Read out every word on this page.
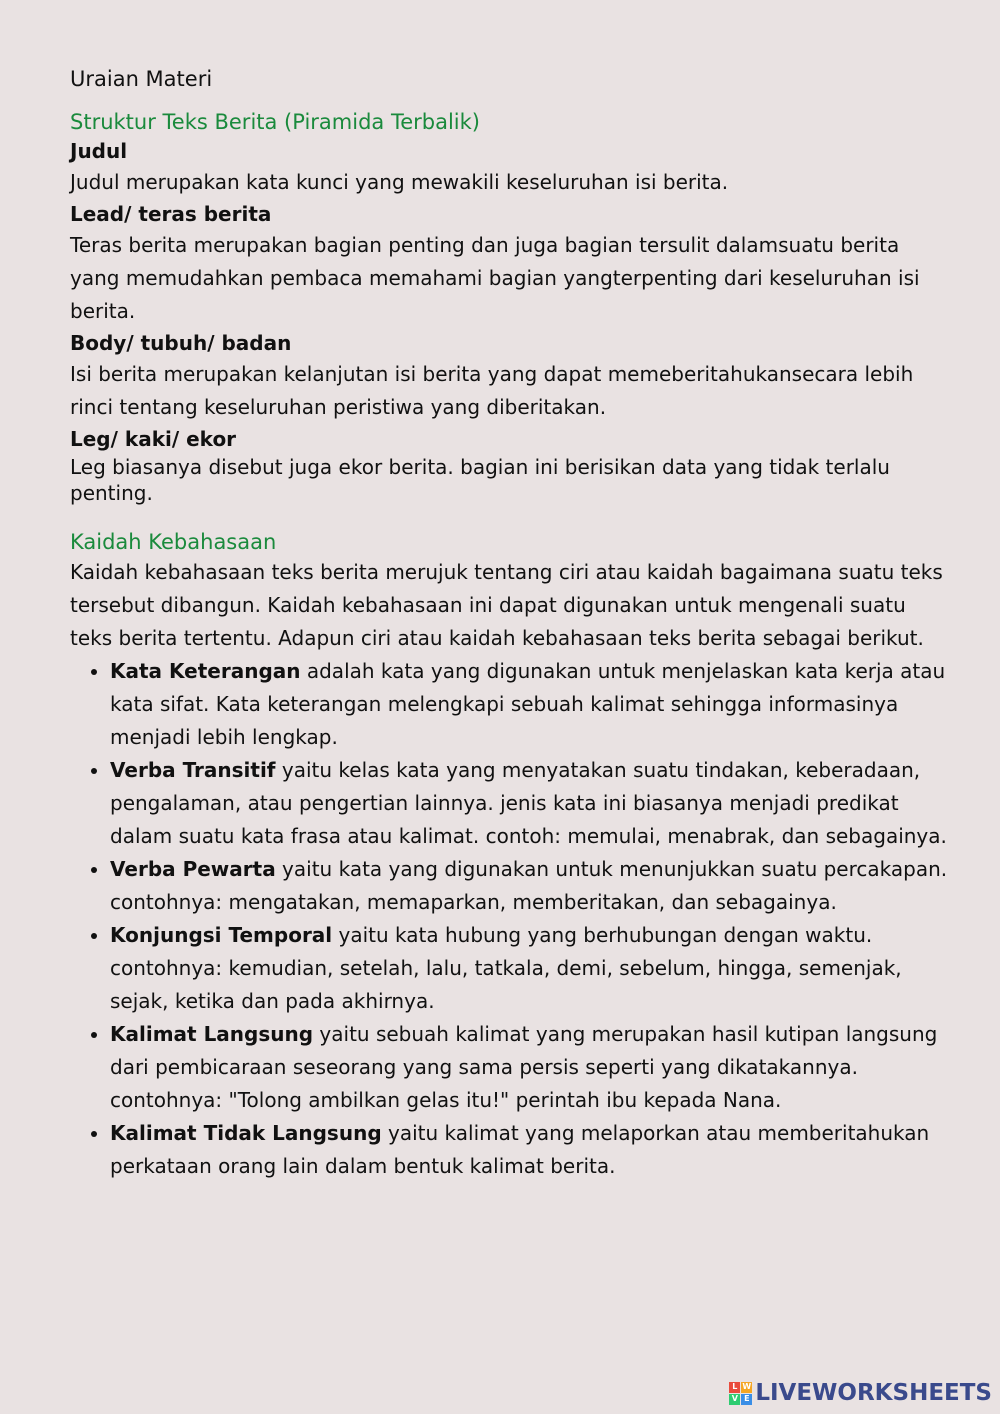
Uraian Materi
Struktur Teks Berita (Piramida Terbalik)
Judul
Judul merupakan kata kunci yang mewakili keseluruhan isi berita.
Lead/ teras berita
Teras berita merupakan bagian penting dan juga bagian tersulit dalamsuatu berita yang memudahkan pembaca memahami bagian yangterpenting dari keseluruhan isi berita.
Body/ tubuh/ badan
Isi berita merupakan kelanjutan isi berita yang dapat memeberitahukansecara lebih rinci tentang keseluruhan peristiwa yang diberitakan.
Leg/ kaki/ ekor
Leg biasanya disebut juga ekor berita. bagian ini berisikan data yang tidak terlalu penting.
Kaidah Kebahasaan
Kaidah kebahasaan teks berita merujuk tentang ciri atau kaidah bagaimana suatu teks tersebut dibangun. Kaidah kebahasaan ini dapat digunakan untuk mengenali suatu teks berita tertentu. Adapun ciri atau kaidah kebahasaan teks berita sebagai berikut.
• Kata Keterangan adalah kata yang digunakan untuk menjelaskan kata kerja atau kata sifat. Kata keterangan melengkapi sebuah kalimat sehingga informasinya menjadi lebih lengkap.
• Verba Transitif yaitu kelas kata yang menyatakan suatu tindakan, keberadaan, pengalaman, atau pengertian lainnya. jenis kata ini biasanya menjadi predikat dalam suatu kata frasa atau kalimat. contoh: memulai, menabrak, dan sebagainya.
• Verba Pewarta yaitu kata yang digunakan untuk menunjukkan suatu percakapan. contohnya: mengatakan, memaparkan, memberitakan, dan sebagainya.
• Konjungsi Temporal yaitu kata hubung yang berhubungan dengan waktu. contohnya: kemudian, setelah, lalu, tatkala, demi, sebelum, hingga, semenjak, sejak, ketika dan pada akhirnya.
• Kalimat Langsung yaitu sebuah kalimat yang merupakan hasil kutipan langsung dari pembicaraan seseorang yang sama persis seperti yang dikatakannya. contohnya: "Tolong ambilkan gelas itu!" perintah ibu kepada Nana.
• Kalimat Tidak Langsung yaitu kalimat yang melaporkan atau memberitahukan perkataan orang lain dalam bentuk kalimat berita.
L W
V E LIVEWORKSHEETS
